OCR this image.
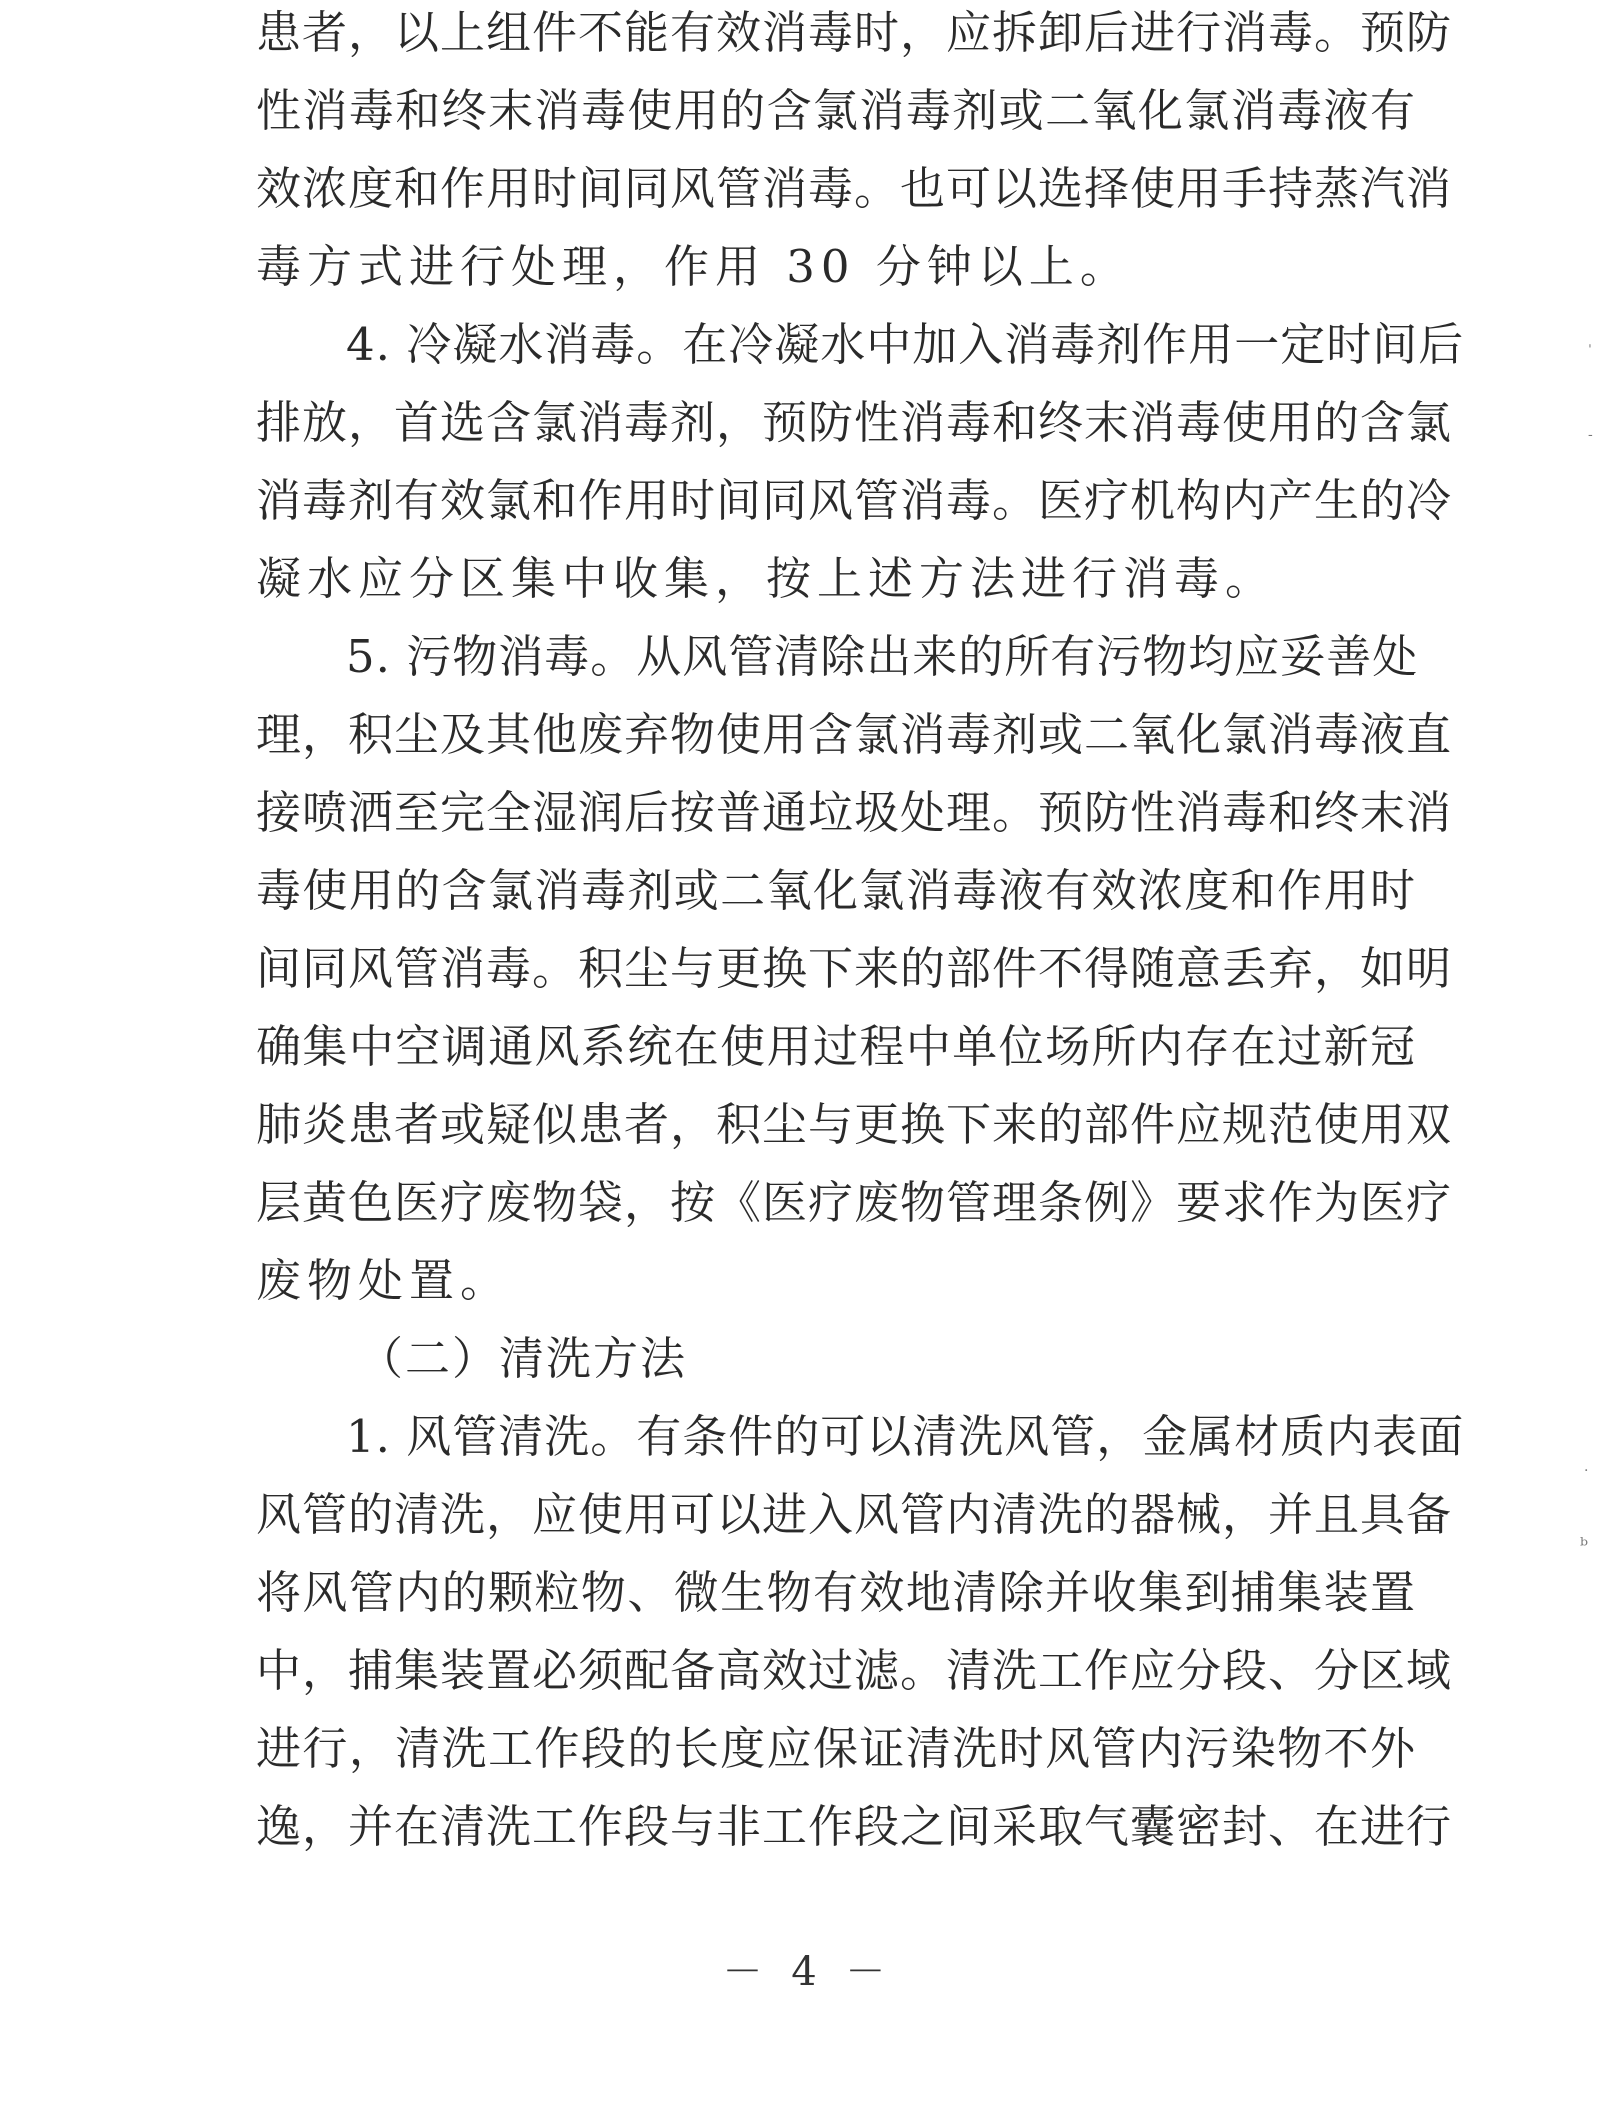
患者，以上组件不能有效消毒时，应拆卸后进行消毒。预防
性消毒和终末消毒使用的含氯消毒剂或二氧化氯消毒液有
效浓度和作用时间同风管消毒。也可以选择使用手持蒸汽消
毒方式进行处理，作用 30 分钟以上。
4. 冷凝水消毒。在冷凝水中加入消毒剂作用一定时间后
排放，首选含氯消毒剂，预防性消毒和终末消毒使用的含氯
消毒剂有效氯和作用时间同风管消毒。医疗机构内产生的冷
凝水应分区集中收集，按上述方法进行消毒。
5. 污物消毒。从风管清除出来的所有污物均应妥善处
理，积尘及其他废弃物使用含氯消毒剂或二氧化氯消毒液直
接喷洒至完全湿润后按普通垃圾处理。预防性消毒和终末消
毒使用的含氯消毒剂或二氧化氯消毒液有效浓度和作用时
间同风管消毒。积尘与更换下来的部件不得随意丢弃，如明
确集中空调通风系统在使用过程中单位场所内存在过新冠
肺炎患者或疑似患者，积尘与更换下来的部件应规范使用双
层黄色医疗废物袋，按《医疗废物管理条例》要求作为医疗
废物处置。
（二）清洗方法
1. 风管清洗。有条件的可以清洗风管，金属材质内表面
风管的清洗，应使用可以进入风管内清洗的器械，并且具备
将风管内的颗粒物、微生物有效地清除并收集到捕集装置
中，捕集装置必须配备高效过滤。清洗工作应分段、分区域
进行，清洗工作段的长度应保证清洗时风管内污染物不外
逸，并在清洗工作段与非工作段之间采取气囊密封、在进行
－ 4 －
ˈ
-
·
ᵇ
